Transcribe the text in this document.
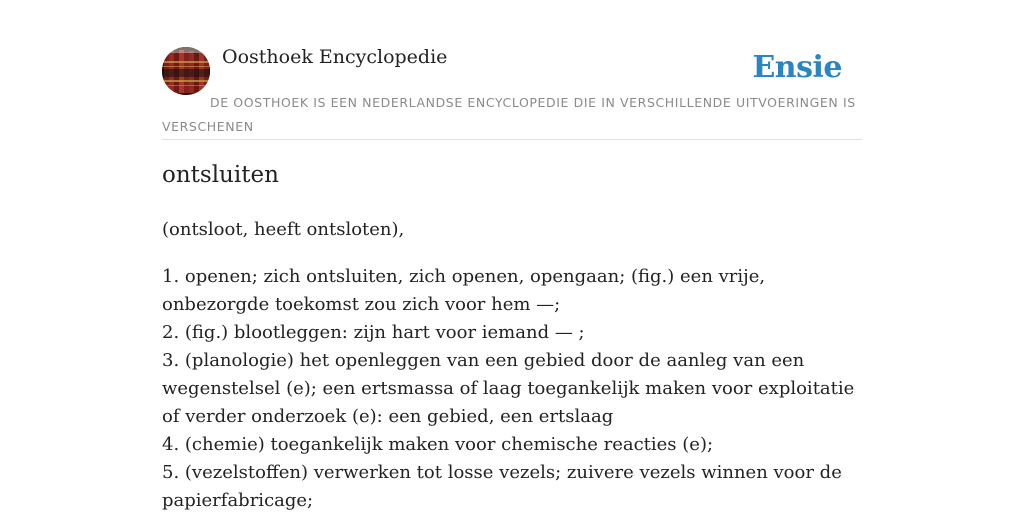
Oosthoek Encyclopedie	Ensie
DE OOSTHOEK IS EEN NEDERLANDSE ENCYCLOPEDIE DIE IN VERSCHILLENDE UITVOERINGEN IS VERSCHENEN
ontsluiten

(ontsloot, heeft ontsloten),

1. openen; zich ontsluiten, zich openen, opengaan; (fig.) een vrije, onbezorgde toekomst zou zich voor hem —;
2. (fig.) blootleggen: zijn hart voor iemand — ;
3. (planologie) het openleggen van een gebied door de aanleg van een wegenstelsel (e); een ertsmassa of laag toegankelijk maken voor exploitatie of verder onderzoek (e): een gebied, een ertslaag
4. (chemie) toegankelijk maken voor chemische reacties (e);
5. (vezelstoffen) verwerken tot losse vezels; zuivere vezels winnen voor de papierfabricage;
